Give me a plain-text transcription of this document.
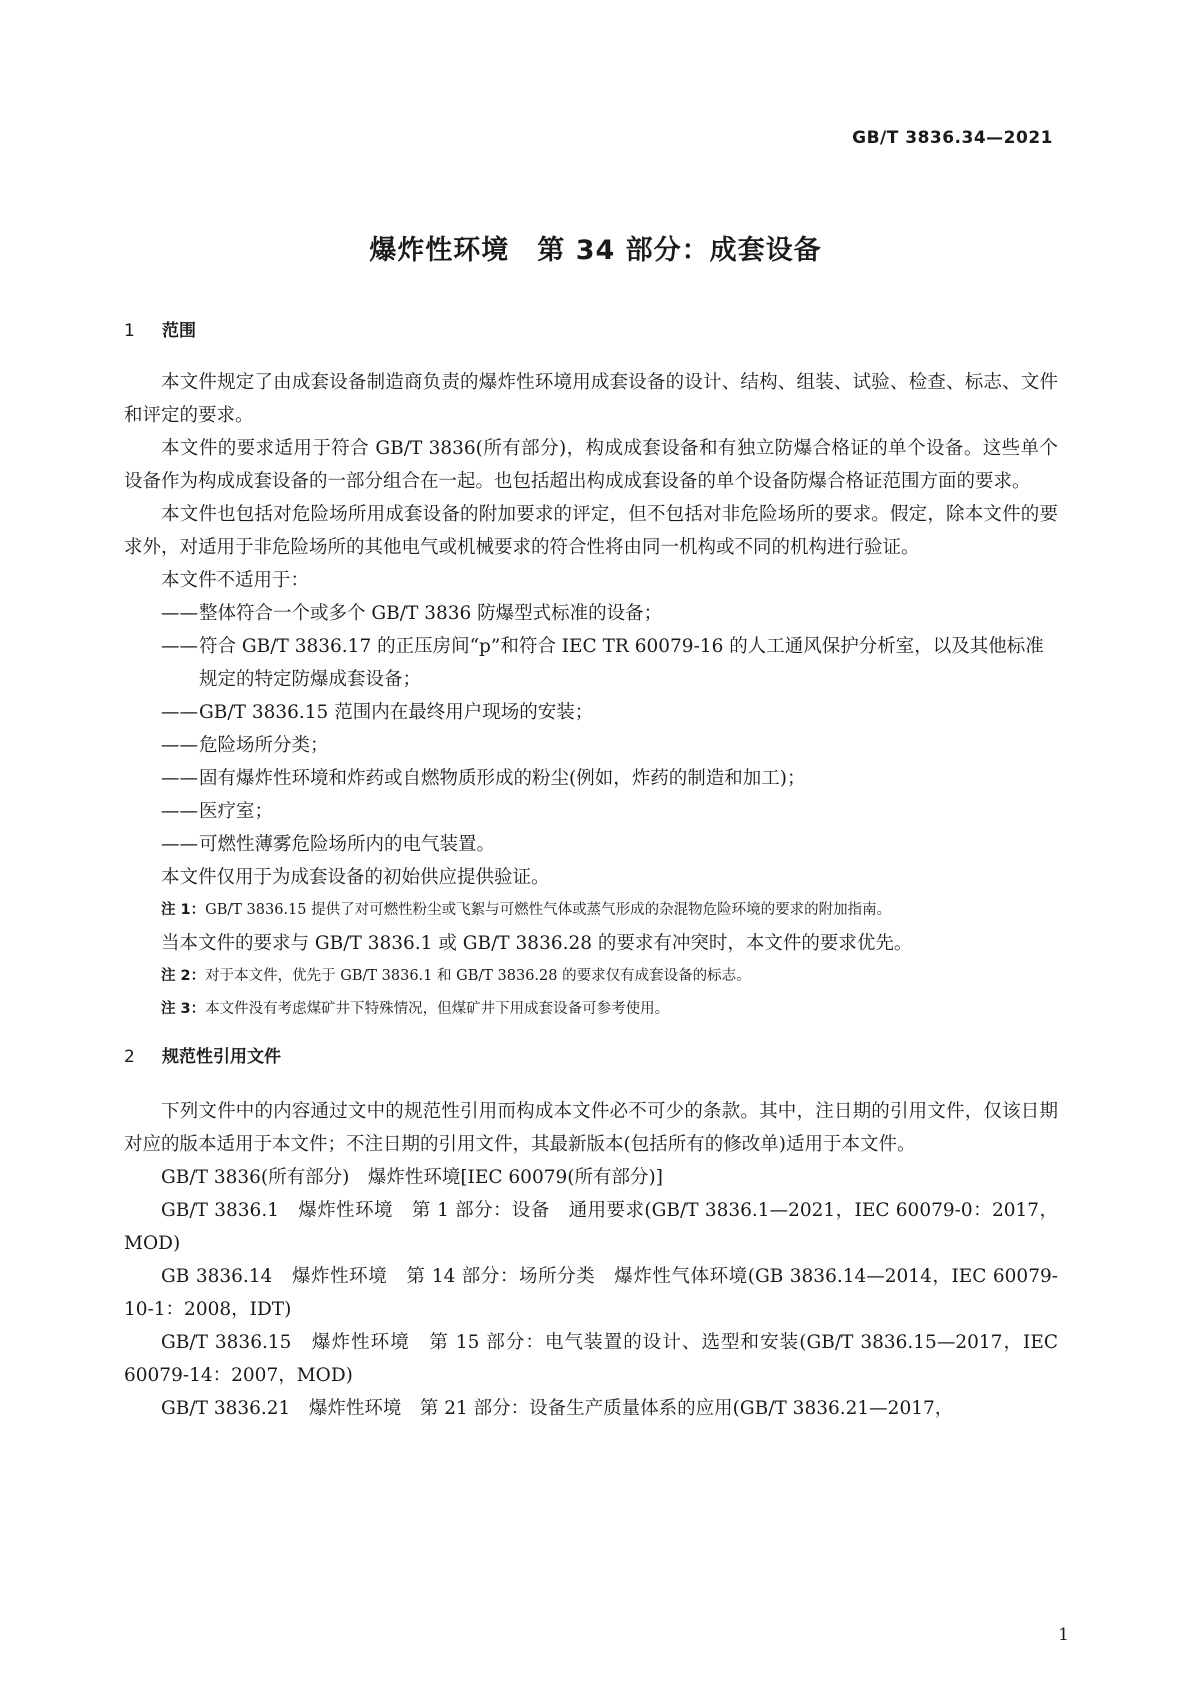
GB/T 3836.34—2021
爆炸性环境　第 34 部分：成套设备
1 范围

本文件规定了由成套设备制造商负责的爆炸性环境用成套设备的设计、结构、组装、试验、检查、标志、文件和评定的要求。

本文件的要求适用于符合 GB/T 3836(所有部分)，构成成套设备和有独立防爆合格证的单个设备。这些单个设备作为构成成套设备的一部分组合在一起。也包括超出构成成套设备的单个设备防爆合格证范围方面的要求。

本文件也包括对危险场所用成套设备的附加要求的评定，但不包括对非危险场所的要求。假定，除本文件的要求外，对适用于非危险场所的其他电气或机械要求的符合性将由同一机构或不同的机构进行验证。

本文件不适用于：

—— 整体符合一个或多个 GB/T 3836 防爆型式标准的设备；

—— 符合 GB/T 3836.17 的正压房间“p”和符合 IEC TR 60079-16 的人工通风保护分析室，以及其他标准规定的特定防爆成套设备；

—— GB/T 3836.15 范围内在最终用户现场的安装；

—— 危险场所分类；

—— 固有爆炸性环境和炸药或自燃物质形成的粉尘(例如，炸药的制造和加工)；

—— 医疗室；

—— 可燃性薄雾危险场所内的电气装置。

本文件仅用于为成套设备的初始供应提供验证。

注 1：GB/T 3836.15 提供了对可燃性粉尘或飞絮与可燃性气体或蒸气形成的杂混物危险环境的要求的附加指南。

当本文件的要求与 GB/T 3836.1 或 GB/T 3836.28 的要求有冲突时，本文件的要求优先。

注 2：对于本文件，优先于 GB/T 3836.1 和 GB/T 3836.28 的要求仅有成套设备的标志。

注 3：本文件没有考虑煤矿井下特殊情况，但煤矿井下用成套设备可参考使用。

2 规范性引用文件

下列文件中的内容通过文中的规范性引用而构成本文件必不可少的条款。其中，注日期的引用文件，仅该日期对应的版本适用于本文件；不注日期的引用文件，其最新版本(包括所有的修改单)适用于本文件。

GB/T 3836(所有部分)　爆炸性环境[IEC 60079(所有部分)]

GB/T 3836.1　爆炸性环境　第 1 部分：设备　通用要求(GB/T 3836.1—2021，IEC 60079-0：2017，MOD)

GB 3836.14　爆炸性环境　第 14 部分：场所分类　爆炸性气体环境(GB 3836.14—2014，IEC 60079-10-1：2008，IDT)

GB/T 3836.15　爆炸性环境　第 15 部分：电气装置的设计、选型和安装(GB/T 3836.15—2017，IEC 60079-14：2007，MOD)

GB/T 3836.21　爆炸性环境　第 21 部分：设备生产质量体系的应用(GB/T 3836.21—2017，

1
